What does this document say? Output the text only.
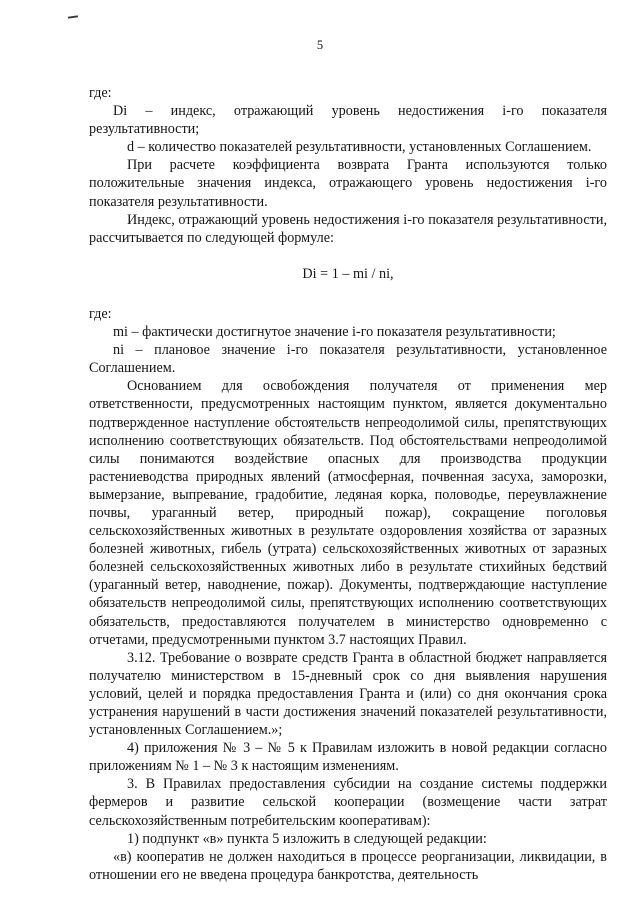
5

где:

Di – индекс, отражающий уровень недостижения i-го показателя результативности;

d – количество показателей результативности, установленных Соглашением.

При расчете коэффициента возврата Гранта используются только положительные значения индекса, отражающего уровень недостижения i-го показателя результативности.

Индекс, отражающий уровень недостижения i-го показателя результативности, рассчитывается по следующей формуле:

Di = 1 – mi / ni,

где:

mi – фактически достигнутое значение i-го показателя результативности;

ni – плановое значение i-го показателя результативности, установленное Соглашением.

Основанием для освобождения получателя от применения мер ответственности, предусмотренных настоящим пунктом, является документально подтвержденное наступление обстоятельств непреодолимой силы, препятствующих исполнению соответствующих обязательств. Под обстоятельствами непреодолимой силы понимаются воздействие опасных для производства продукции растениеводства природных явлений (атмосферная, почвенная засуха, заморозки, вымерзание, выпревание, градобитие, ледяная корка, половодье, переувлажнение почвы, ураганный ветер, природный пожар), сокращение поголовья сельскохозяйственных животных в результате оздоровления хозяйства от заразных болезней животных, гибель (утрата) сельскохозяйственных животных от заразных болезней сельскохозяйственных животных либо в результате стихийных бедствий (ураганный ветер, наводнение, пожар). Документы, подтверждающие наступление обязательств непреодолимой силы, препятствующих исполнению соответствующих обязательств, предоставляются получателем в министерство одновременно с отчетами, предусмотренными пунктом 3.7 настоящих Правил.

3.12. Требование о возврате средств Гранта в областной бюджет направляется получателю министерством в 15-дневный срок со дня выявления нарушения условий, целей и порядка предоставления Гранта и (или) со дня окончания срока устранения нарушений в части достижения значений показателей результативности, установленных Соглашением.»;

4) приложения № 3 – № 5 к Правилам изложить в новой редакции согласно приложениям № 1 – № 3 к настоящим изменениям.

3. В Правилах предоставления субсидии на создание системы поддержки фермеров и развитие сельской кооперации (возмещение части затрат сельскохозяйственным потребительским кооперативам):

1) подпункт «в» пункта 5 изложить в следующей редакции:

«в) кооператив не должен находиться в процессе реорганизации, ликвидации, в отношении его не введена процедура банкротства, деятельность
